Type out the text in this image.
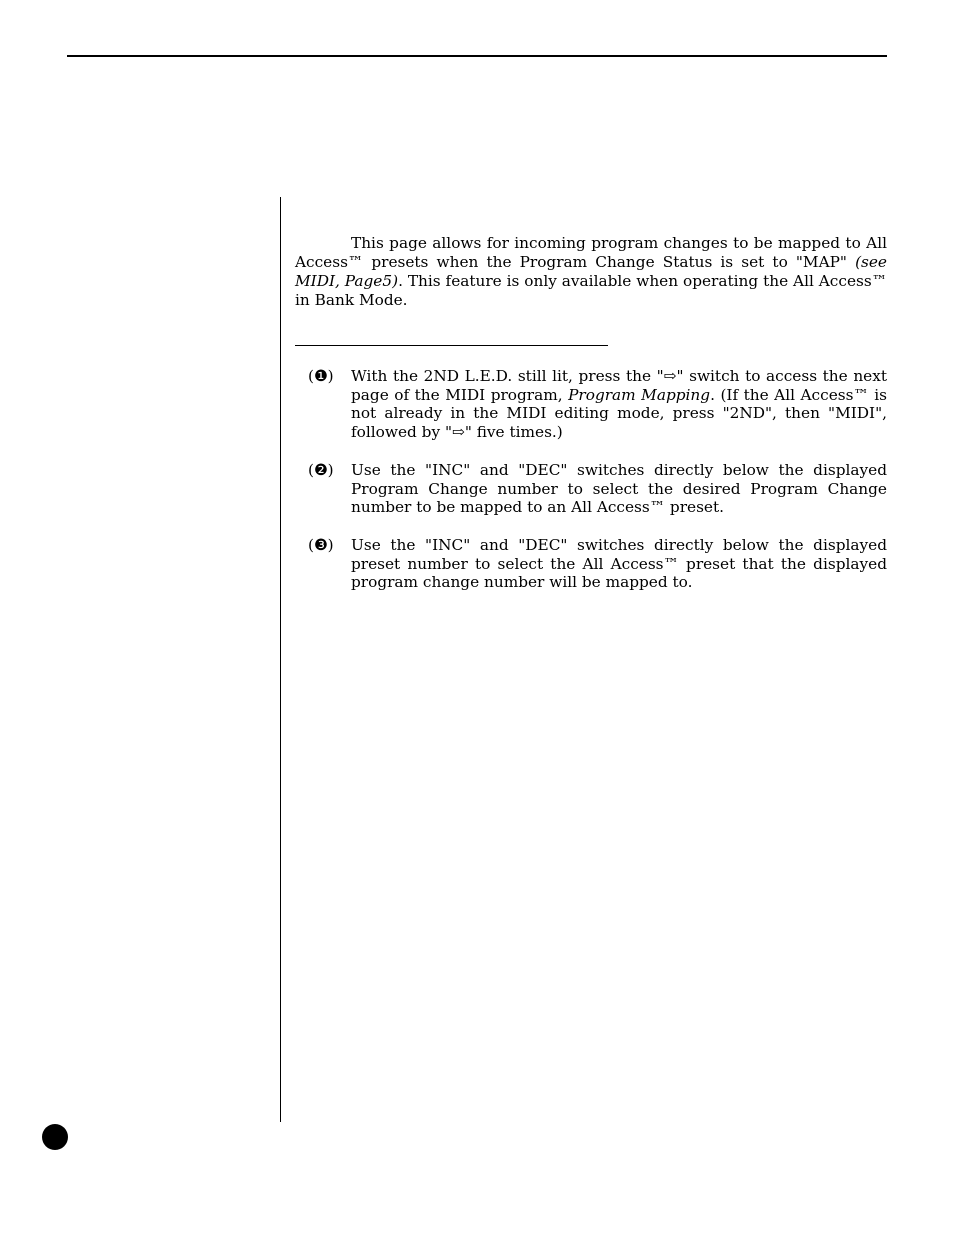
This page allows for incoming program changes to be mapped to All Access™ presets when the Program Change Status is set to "MAP" (see MIDI, Page5). This feature is only available when operating the All Access™ in Bank Mode.

(❶)	With the 2ND L.E.D. still lit, press the "⇨" switch to access the next page of the MIDI program, Program Mapping. (If the All Access™ is not already in the MIDI editing mode, press "2ND", then "MIDI", followed by "⇨" five times.)
(❷)	Use the "INC" and "DEC" switches directly below the displayed Program Change number to select the desired Program Change number to be mapped to an All Access™ preset.
(❸)	Use the "INC" and "DEC" switches directly below the displayed preset number to select the All Access™ preset that the displayed program change number will be mapped to.
